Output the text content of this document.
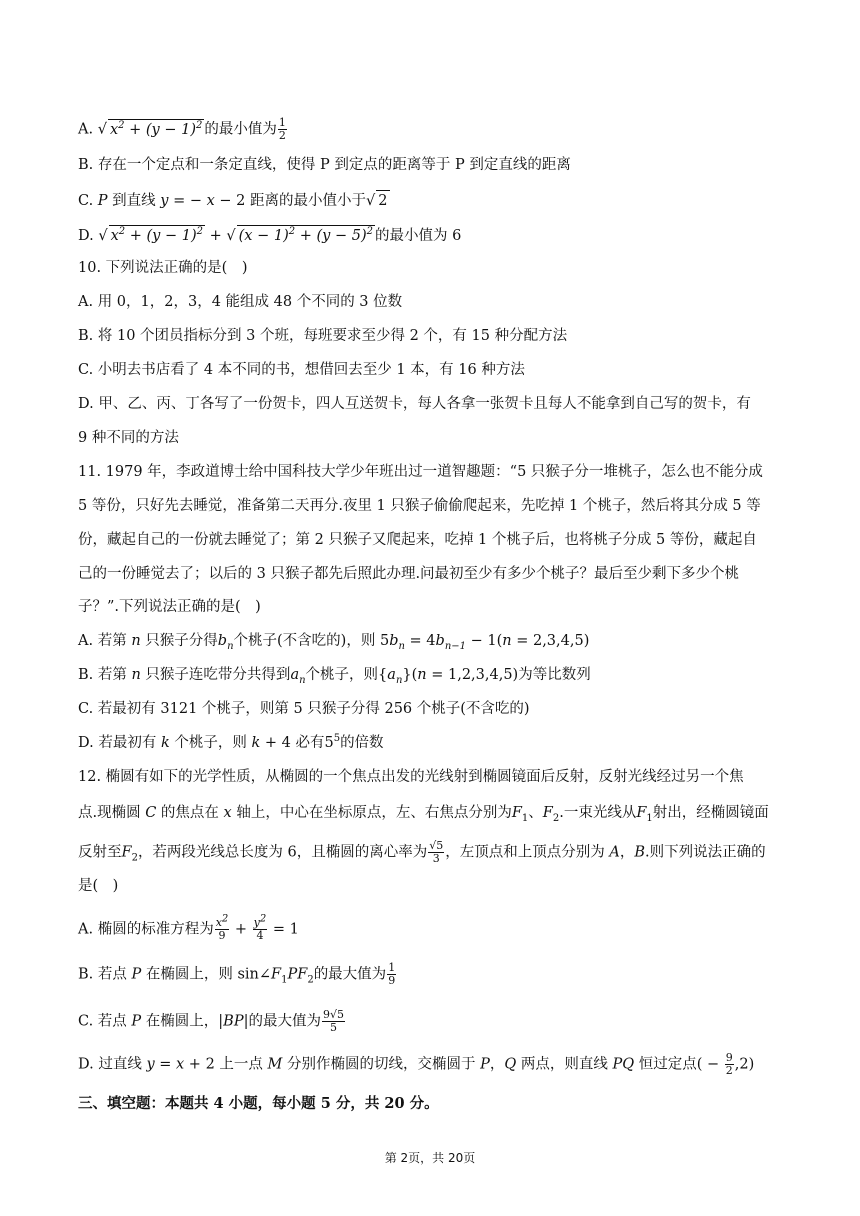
A. √ $x^2 + (y - 1)^2$ 的最小值为 $\frac{1}{2}$
B. 存在一个定点和一条定直线，使得 P 到定点的距离等于 P 到定直线的距离
C. P 到直线 y = − x − 2 距离的最小值小于√ 2
D. √ $x^2 + (y - 1)^2$ + √ $(x - 1)^2 + (y - 5)^2$ 的最小值为 6
10. 下列说法正确的是(　)
A. 用 0，1，2，3，4 能组成 48 个不同的 3 位数
B. 将 10 个团员指标分到 3 个班，每班要求至少得 2 个，有 15 种分配方法
C. 小明去书店看了 4 本不同的书，想借回去至少 1 本，有 16 种方法
D. 甲、乙、丙、丁各写了一份贺卡，四人互送贺卡，每人各拿一张贺卡且每人不能拿到自己写的贺卡，有
9 种不同的方法
11. 1979 年，李政道博士给中国科技大学少年班出过一道智趣题：“5 只猴子分一堆桃子，怎么也不能分成
5 等份，只好先去睡觉，准备第二天再分.夜里 1 只猴子偷偷爬起来，先吃掉 1 个桃子，然后将其分成 5 等
份，藏起自己的一份就去睡觉了；第 2 只猴子又爬起来，吃掉 1 个桃子后，也将桃子分成 5 等份，藏起自
己的一份睡觉去了；以后的 3 只猴子都先后照此办理.问最初至少有多少个桃子？最后至少剩下多少个桃
子？”.下列说法正确的是(　)
A. 若第 n 只猴子分得$b_n$个桃子(不含吃的)，则 $5b_n = 4b_{n-1} - 1(n = 2,3,4,5)$
B. 若第 n 只猴子连吃带分共得到$a_n$个桃子，则$\{a_n\}(n = 1,2,3,4,5)$为等比数列
C. 若最初有 3121 个桃子，则第 5 只猴子分得 256 个桃子(不含吃的)
D. 若最初有 k 个桃子，则 k + 4 必有$5^5$的倍数
12. 椭圆有如下的光学性质，从椭圆的一个焦点出发的光线射到椭圆镜面后反射，反射光线经过另一个焦
点.现椭圆 C 的焦点在 x 轴上，中心在坐标原点，左、右焦点分别为$F_1$、$F_2$.一束光线从$F_1$射出，经椭圆镜面
反射至$F_2$，若两段光线总长度为 6，且椭圆的离心率为 $\frac{√5}{3}$ ，左顶点和上顶点分别为 A，B.则下列说法正确的
是(　)
A. 椭圆的标准方程为 $\frac{x^2}{9} + \frac{y^2}{4} = 1$
B. 若点 P 在椭圆上，则 $\sin\angle F_1PF_2$的最大值为 $\frac{1}{9}$
C. 若点 P 在椭圆上，|BP|的最大值为 $\frac{9√5}{5}$
D. 过直线 y = x + 2 上一点 M 分别作椭圆的切线，交椭圆于 P，Q 两点，则直线 PQ 恒过定点( − $\frac{9}{2} ,2$)
三、填空题：本题共 4 小题，每小题 5 分，共 20 分。
第 2页，共 20页
